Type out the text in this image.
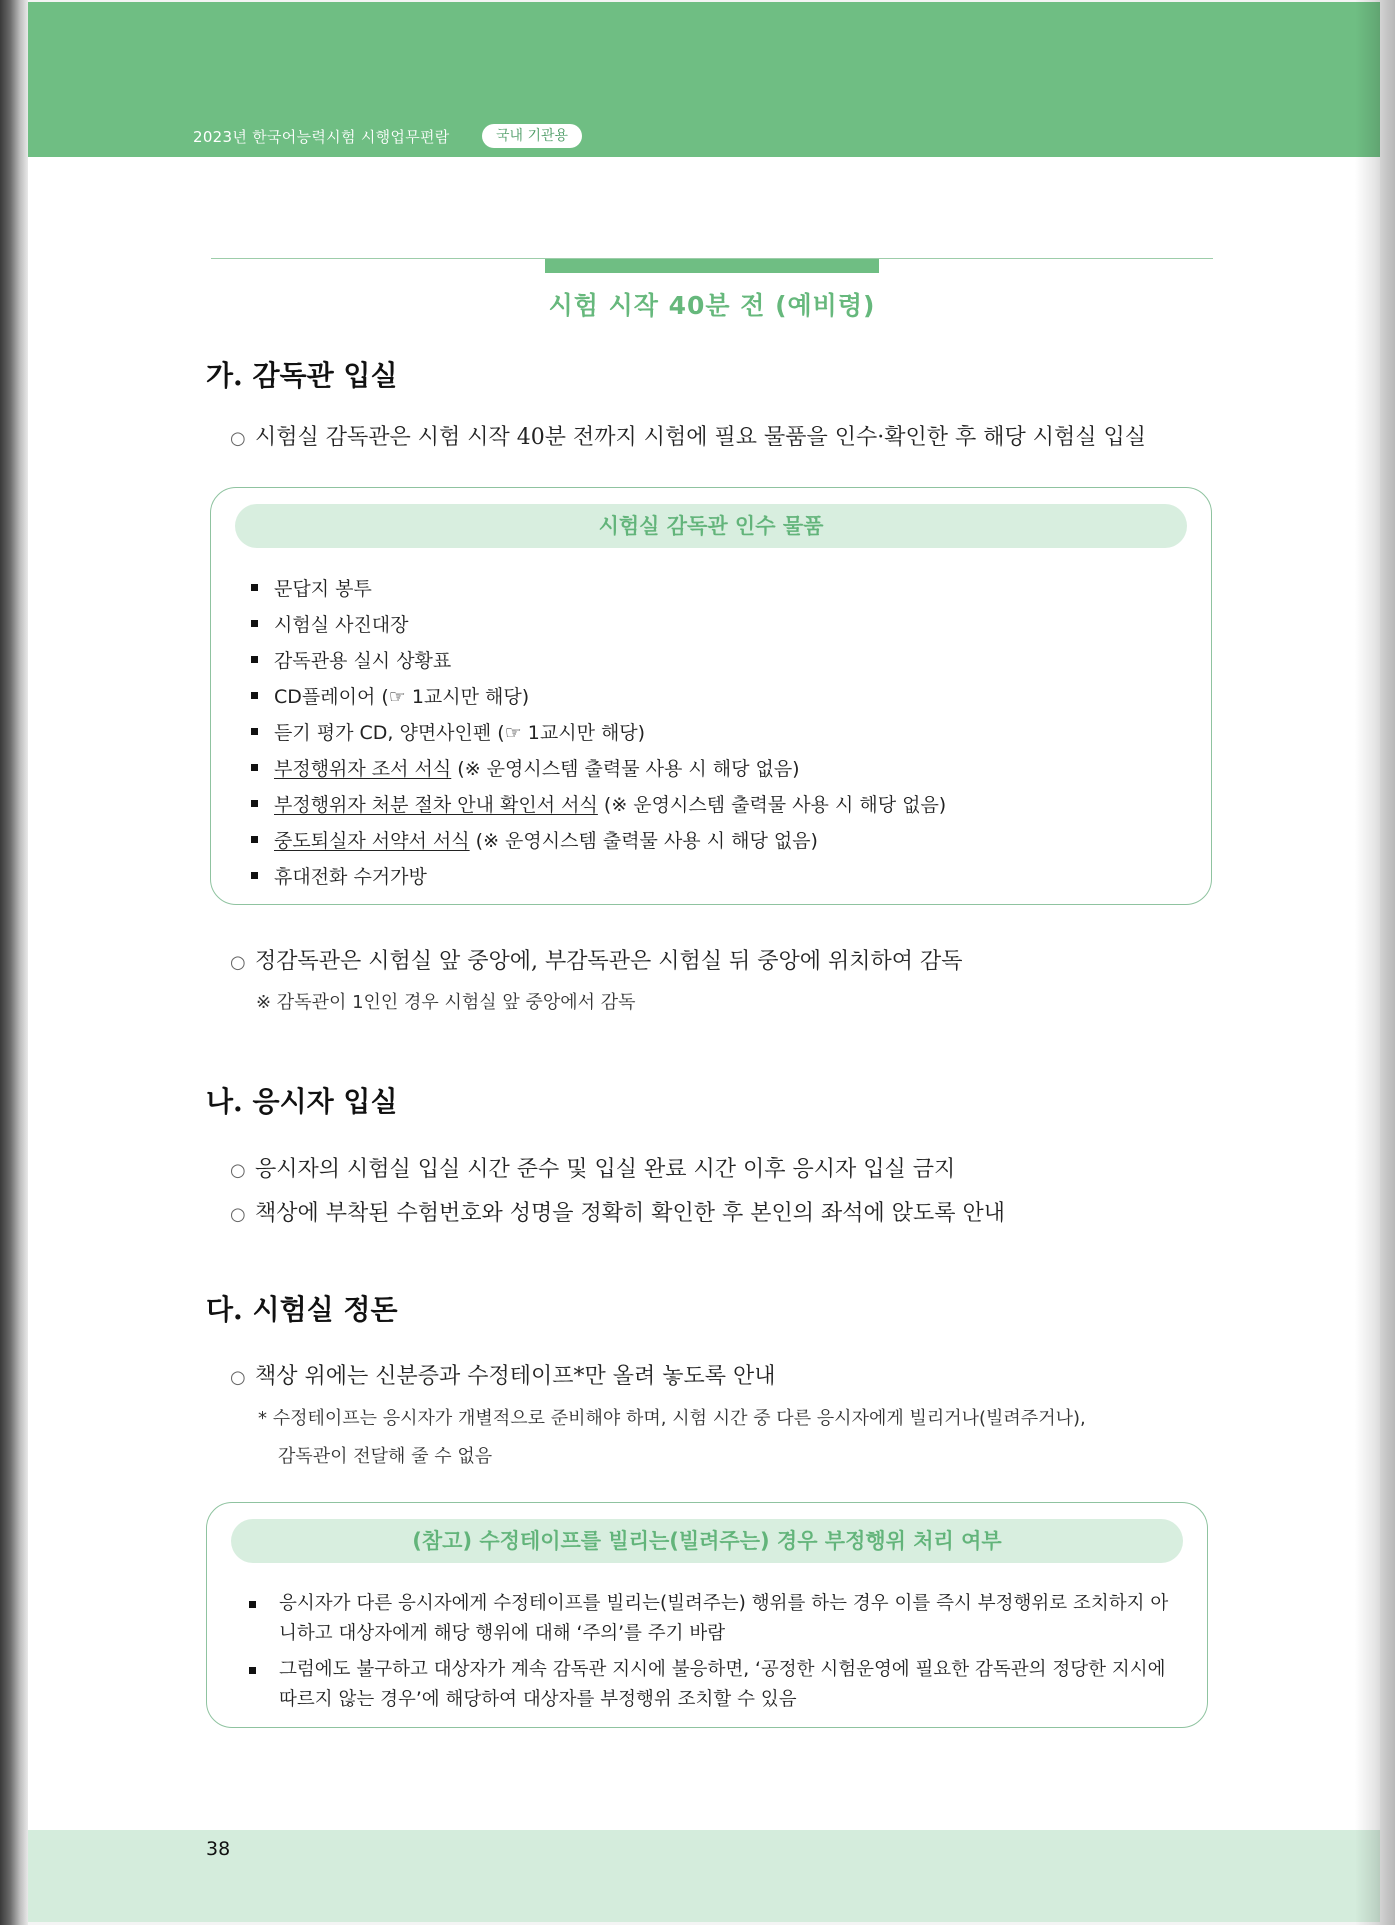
2023년 한국어능력시험 시행업무편람	국내 기관용
시험 시작 40분 전 (예비령)
가. 감독관 입실
○ 시험실 감독관은 시험 시작 40분 전까지 시험에 필요 물품을 인수·확인한 후 해당 시험실 입실
시험실 감독관 인수 물품
문답지 봉투
시험실 사진대장
감독관용 실시 상황표
CD플레이어 (☞ 1교시만 해당)
듣기 평가 CD, 양면사인펜 (☞ 1교시만 해당)
부정행위자 조서 서식 (※ 운영시스템 출력물 사용 시 해당 없음)
부정행위자 처분 절차 안내 확인서 서식 (※ 운영시스템 출력물 사용 시 해당 없음)
중도퇴실자 서약서 서식 (※ 운영시스템 출력물 사용 시 해당 없음)
휴대전화 수거가방
○ 정감독관은 시험실 앞 중앙에, 부감독관은 시험실 뒤 중앙에 위치하여 감독
※ 감독관이 1인인 경우 시험실 앞 중앙에서 감독
나. 응시자 입실
○ 응시자의 시험실 입실 시간 준수 및 입실 완료 시간 이후 응시자 입실 금지
○ 책상에 부착된 수험번호와 성명을 정확히 확인한 후 본인의 좌석에 앉도록 안내
다. 시험실 정돈
○ 책상 위에는 신분증과 수정테이프*만 올려 놓도록 안내
* 수정테이프는 응시자가 개별적으로 준비해야 하며, 시험 시간 중 다른 응시자에게 빌리거나(빌려주거나),
감독관이 전달해 줄 수 없음
(참고) 수정테이프를 빌리는(빌려주는) 경우 부정행위 처리 여부
응시자가 다른 응시자에게 수정테이프를 빌리는(빌려주는) 행위를 하는 경우 이를 즉시 부정행위로 조치하지 아니하고 대상자에게 해당 행위에 대해 ‘주의’를 주기 바람
그럼에도 불구하고 대상자가 계속 감독관 지시에 불응하면, ‘공정한 시험운영에 필요한 감독관의 정당한 지시에 따르지 않는 경우’에 해당하여 대상자를 부정행위 조치할 수 있음
38
